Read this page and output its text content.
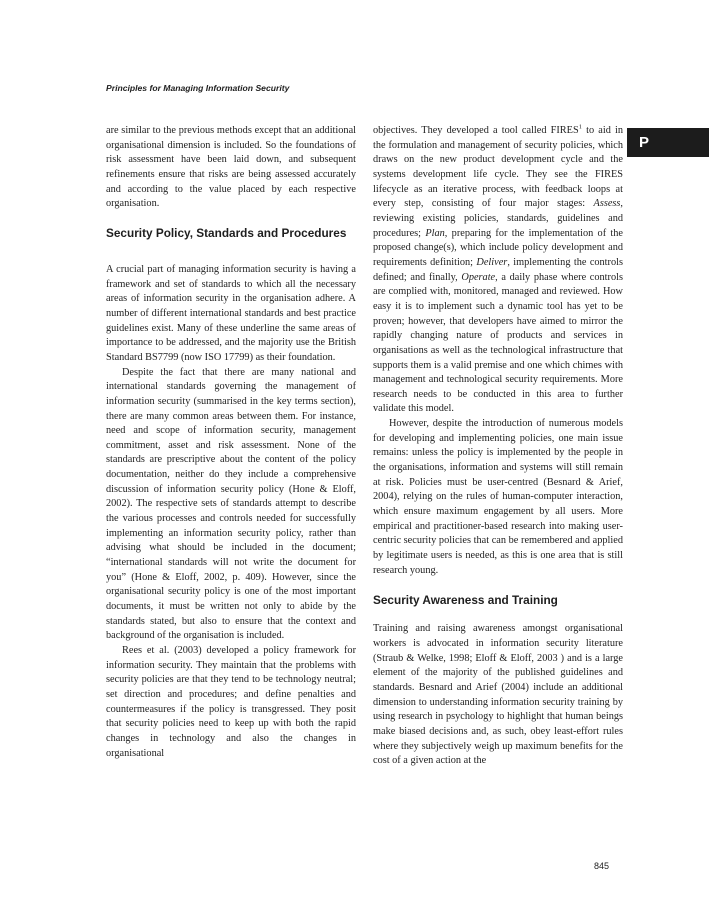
Principles for Managing Information Security
P

are similar to the previous methods except that an additional organisational dimension is included. So the foundations of risk assessment have been laid down, and subsequent refinements ensure that risks are being assessed accurately and according to the value placed by each respective organisation.

Security Policy, Standards and Procedures

A crucial part of managing information security is having a framework and set of standards to which all the necessary areas of information security in the organisation adhere. A number of different international standards and best practice guidelines exist. Many of these underline the same areas of importance to be addressed, and the majority use the British Standard BS7799 (now ISO 17799) as their foundation.

Despite the fact that there are many national and international standards governing the management of information security (summarised in the key terms section), there are many common areas between them. For instance, need and scope of information security, management commitment, asset and risk assessment. None of the standards are prescriptive about the content of the policy documentation, neither do they include a comprehensive discussion of information security policy (Hone & Eloff, 2002). The respective sets of standards attempt to describe the various processes and controls needed for successfully implementing an information security policy, rather than advising what should be included in the document; “international standards will not write the document for you” (Hone & Eloff, 2002, p. 409). However, since the organisational security policy is one of the most important documents, it must be written not only to abide by the standards stated, but also to ensure that the context and background of the organisation is included.

Rees et al. (2003) developed a policy framework for information security. They maintain that the problems with security policies are that they tend to be technology neutral; set direction and procedures; and define penalties and countermeasures if the policy is transgressed. They posit that security policies need to keep up with both the rapid changes in technology and also the changes in organisational

objectives. They developed a tool called FIRES$^1$ to aid in the formulation and management of security policies, which draws on the new product development cycle and the systems development life cycle. They see the FIRES lifecycle as an iterative process, with feedback loops at every step, consisting of four major stages: Assess, reviewing existing policies, standards, guidelines and procedures; Plan, preparing for the implementation of the proposed change(s), which include policy development and requirements definition; Deliver, implementing the controls defined; and finally, Operate, a daily phase where controls are complied with, monitored, managed and reviewed. How easy it is to implement such a dynamic tool has yet to be proven; however, that developers have aimed to mirror the rapidly changing nature of products and services in organisations as well as the technological infrastructure that supports them is a valid premise and one which chimes with management and technological security requirements. More research needs to be conducted in this area to further validate this model.

However, despite the introduction of numerous models for developing and implementing policies, one main issue remains: unless the policy is implemented by the people in the organisations, information and systems will still remain at risk. Policies must be user-centred (Besnard & Arief, 2004), relying on the rules of human-computer interaction, which ensure maximum engagement by all users. More empirical and practitioner-based research into making user-centric security policies that can be remembered and applied by legitimate users is needed, as this is one area that is still research young.

Security Awareness and Training

Training and raising awareness amongst organisational workers is advocated in information security literature (Straub & Welke, 1998; Eloff & Eloff, 2003 ) and is a large element of the majority of the published guidelines and standards. Besnard and Arief (2004) include an additional dimension to understanding information security training by using research in psychology to highlight that human beings make biased decisions and, as such, obey least-effort rules where they subjectively weigh up maximum benefits for the cost of a given action at the

845
